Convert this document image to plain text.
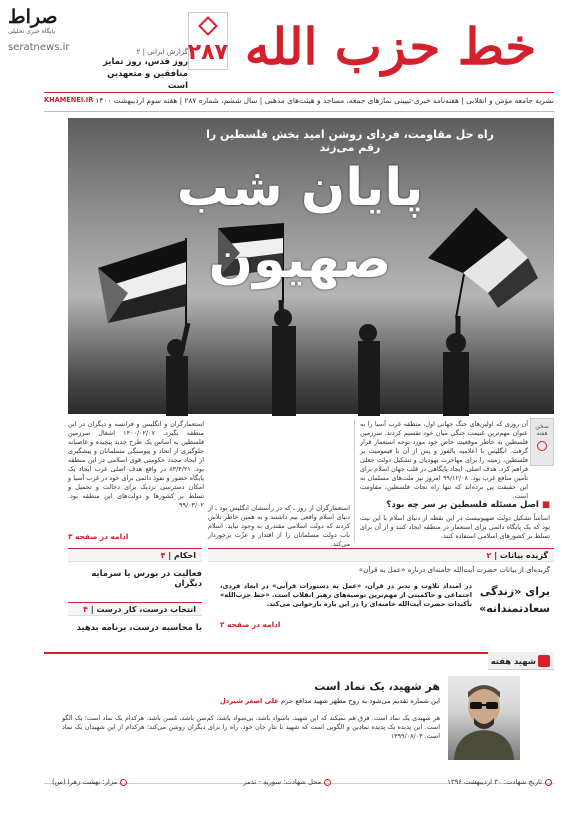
صراط
پایگاه خبری تحلیلی
seratnews.ir	خط حزب الله
۲۸۷
گزارش ایرانی | ۲
روز قدس، روز تمایز
منافقین و متعهدین است
نشریه جامعه مؤمن و انقلابی | هفته‌نامه خبری-تبیینی نمازهای جمعه، مساجد و هیئت‌های مذهبی | سال ششم، شماره ۲۸۷ | هفته سوم اردیبهشت ۱۴۰۰
KHAMENEI.IR
راه حل مقاومت، فردای روشن امید بخش فلسطین را رقم می‌زند
پایان شب صهیون
سخن هفته
آن روزی که اولین‌های جنگ جهانی اول، منطقه غرب آسیا را به عنوان مهم‌ترین غنیمت جنگی میان خود تقسیم کردند. سرزمین فلسطین به خاطر موقعیت خاص خود مورد توجه استعمار قرار گرفت. انگلیس با اعلامیه بالفور و پس از آن با قیمومیت بر فلسطین، زمینه را برای مهاجرت یهودیان و تشکیل دولت جعلی فراهم کرد. هدف اصلی، ایجاد پایگاهی در قلب جهان اسلام برای تأمین منافع غرب بود. ۹۹/۱۲/۰۸ امروز نیز ملت‌های مسلمان به این حقیقت پی برده‌اند که تنها راه نجات فلسطین، مقاومت است.
■ اصل مسئله فلسطین بر سر چه بود؟
اساساً تشکیل دولت صهیونیست در این نقطه از دنیای اسلام با این نیت بود که یک پایگاه دائمی برای استعمار در منطقه ایجاد کنند و از آن برای تسلط بر کشورهای اسلامی استفاده کنند.
استعمارگران از روز ـ که در رأسشان انگلیس بود ـ از دنیای اسلام واقعی بیم داشتند و به همین خاطر تلاش کردند که دولت اسلامی مقتدری به وجود نیاید. اسلام ناب دولت مسلمانان را از اقتدار و عزّت برخوردار می‌کند.
استعمارگران و انگلیس و فرانسه و دیگران در این منطقه بگیرد. ۱۴۰۰/۰۲/۰۷ اشغال سرزمین فلسطین به اساس یک طرح جدید پیچیده و غاصبانه جلوگیری از اتحاد و پیوستگی مسلمانان و پیشگیری از ایجاد مجدد حکومتی قوی اسلامی در این منطقه بود. ۸۳/۴/۲۱ در واقع هدف اصلی غرب ایجاد یک پایگاه حضور و نفوذ دائمی برای خود در غرب آسیا و امکان دسترسی نزدیک برای دخالت و تحمیل و تسلط بر کشورها و دولت‌های این منطقه بود. ۹۹/۰۳/۰۲
ادامه در صفحه ۳
گزیده بیانات | ۲
گزیده‌ای از بیانات حضرت آیت‌الله خامنه‌ای درباره «عمل به قرآن»
برای «زندگی سعادتمندانه»
در امتداد تلاوت و تدبر در قرآن، «عمل به دستورات قرآنی» در ابعاد فردی، اجتماعی و حاکمیتی از مهم‌ترین توصیه‌های رهبر انقلاب است. «خط حزب‌الله» تأکیدات حضرت آیت‌الله خامنه‌ای را در این باره بازخوانی می‌کند.
ادامه در صفحه ۲
احکام | ۴
فعالیت در بورس یا سرمایه دیگران
انتخاب درست، کار درست | ۴
با محاسبه درست، برنامه بدهید
شهید هفته
هر شهید، یک نماد است
این شماره تقدیم می‌شود به روح مطهر شهید مدافع حرم علی اصغر شیردل
هر شهیدی یک نماد است. فرق هم نمیکند که این شهید، باسواد باشد، بی‌سواد باشد، کم‌سن باشد، مُسن باشد. هرکدام یک نماد است؛ یک الگو است. این پدیده یک پدیده نمادین و الگویی است که شهید با نثار جان خود، راه را برای دیگران روشن می‌کند؛ هرکدام از این شهیدان یک نماد است. ۱۳۹۹/۰۸/۰۳
تاریخ شهادت: ۳۰ اردیبهشت ۱۳۹۶
محل شهادت: سوریه - تدمر
مزار: بهشت زهرا (س)
